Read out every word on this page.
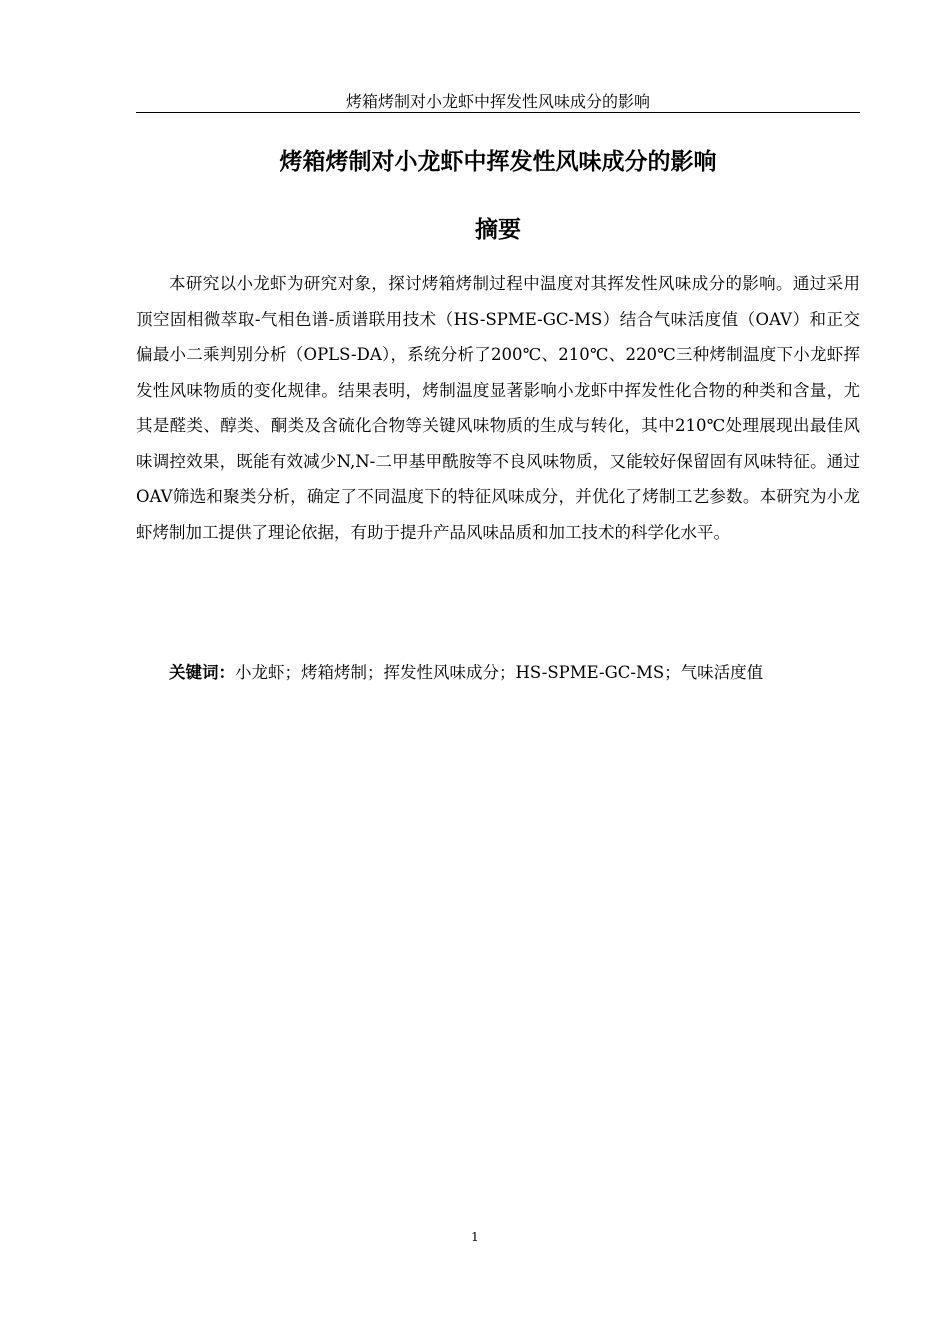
烤箱烤制对小龙虾中挥发性风味成分的影响
烤箱烤制对小龙虾中挥发性风味成分的影响
摘要

本研究以小龙虾为研究对象，探讨烤箱烤制过程中温度对其挥发性风味成分的影响。通过采用顶空固相微萃取-气相色谱-质谱联用技术（HS-SPME-GC-MS）结合气味活度值（OAV）和正交偏最小二乘判别分析（OPLS-DA），系统分析了200℃、210℃、220℃三种烤制温度下小龙虾挥发性风味物质的变化规律。结果表明，烤制温度显著影响小龙虾中挥发性化合物的种类和含量，尤其是醛类、醇类、酮类及含硫化合物等关键风味物质的生成与转化，其中210℃处理展现出最佳风味调控效果，既能有效减少N,N-二甲基甲酰胺等不良风味物质，又能较好保留固有风味特征。通过OAV筛选和聚类分析，确定了不同温度下的特征风味成分，并优化了烤制工艺参数。本研究为小龙虾烤制加工提供了理论依据，有助于提升产品风味品质和加工技术的科学化水平。

关键词：小龙虾；烤箱烤制；挥发性风味成分；HS-SPME-GC-MS；气味活度值

1
